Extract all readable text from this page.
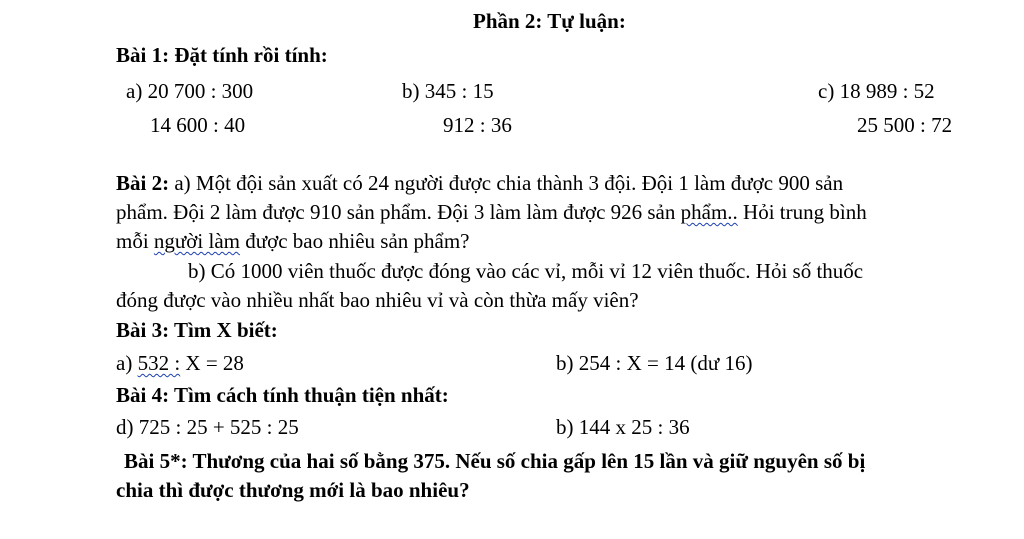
Phần 2: Tự luận:
Bài 1: Đặt tính rồi tính:
a) 20 700 : 300
14 600 : 40
b) 345 : 15
912 : 36
c) 18 989 : 52
25 500 : 72
Bài 2: a) Một đội sản xuất có 24 người được chia thành 3 đội. Đội 1 làm được 900 sản
phẩm. Đội 2 làm được 910 sản phẩm. Đội 3 làm làm được 926 sản phẩm.. Hỏi trung bình
mỗi người làm được bao nhiêu sản phẩm?
b) Có 1000 viên thuốc được đóng vào các vỉ, mỗi vỉ 12 viên thuốc. Hỏi số thuốc
đóng được vào nhiều nhất bao nhiêu vỉ và còn thừa mấy viên?
Bài 3: Tìm X biết:
a) 532 : X = 28	b) 254 : X = 14 (dư 16)
Bài 4: Tìm cách tính thuận tiện nhất:
d) 725 : 25 + 525 : 25	b) 144 x 25 : 36
Bài 5*: Thương của hai số bằng 375. Nếu số chia gấp lên 15 lần và giữ nguyên số bị
chia thì được thương mới là bao nhiêu?
